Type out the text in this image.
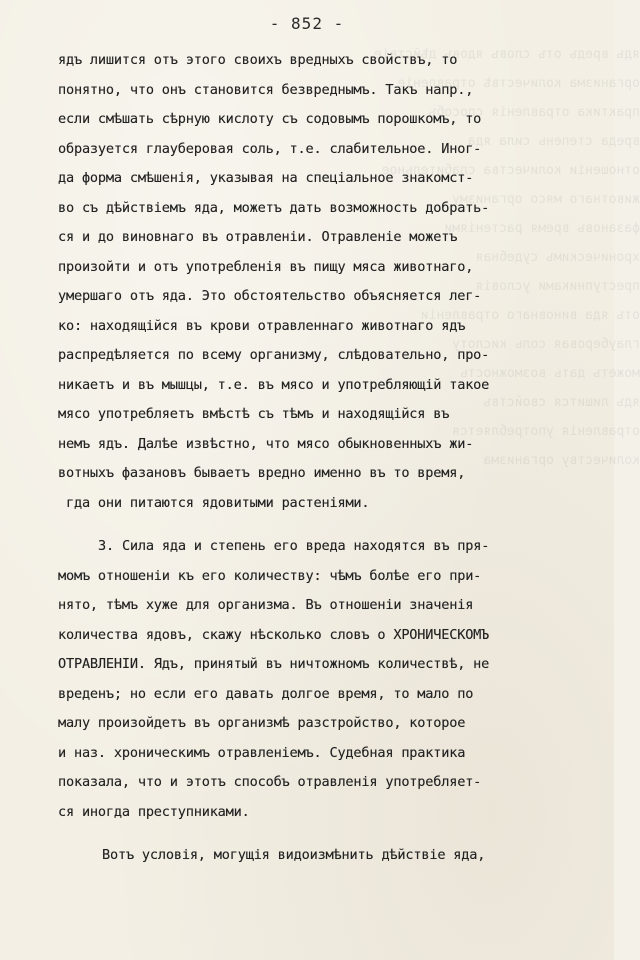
ядъ вредъ отъ словъ ядовъ дѣйствіе
организма количествѣ отравленіе
практика отравленія способъ
вреда степень сила яда
отношеніи количества слабительное
животнаго мясо организму
фазановъ время растеніями
хроническимъ судебная
преступниками условія
отъ яда виновнаго отравленіи
глауберовая соль кислоту
можетъ дать возможность
ядъ лишится свойствъ
отравленія употребляется
количеству организма
- 852 -
ядъ лишится отъ этого своихъ вредныхъ свойствъ, то
понятно, что онъ становится безвреднымъ. Такъ напр.,
если смѣшать сѣрную кислоту съ содовымъ порошкомъ, то
образуется глауберовая соль, т.е. слабительное. Иног-
да форма смѣшенія, указывая на спеціальное знакомст-
во съ дѣйствіемъ яда, можетъ дать возможность добрать-
ся и до виновнаго въ отравленіи. Отравленіе можетъ
произойти и отъ употребленія въ пищу мяса животнаго,
умершаго отъ яда. Это обстоятельство объясняется лег-
ко: находящійся въ крови отравленнаго животнаго ядъ
распредѣляется по всему организму, слѣдовательно, про-
никаетъ и въ мышцы, т.е. въ мясо и употребляющій такое
мясо употребляетъ вмѣстѣ съ тѣмъ и находящійся въ
немъ ядъ. Далѣе извѣстно, что мясо обыкновенныхъ жи-
вотныхъ фазановъ бываетъ вредно именно въ то время,
гда они питаются ядовитыми растеніями.
3. Сила яда и степень его вреда находятся въ пря-
момъ отношеніи къ его количеству: чѣмъ болѣе его при-
нято, тѣмъ хуже для организма. Въ отношеніи значенія
количества ядовъ, скажу нѣсколько словъ о ХРОНИЧЕСКОМЪ
ОТРАВЛЕНІИ. Ядъ, принятый въ ничтожномъ количествѣ, не
вреденъ; но если его давать долгое время, то мало по
малу произойдетъ въ организмѣ разстройство, которое
и наз. хроническимъ отравленіемъ. Судебная практика
показала, что и этотъ способъ отравленія употребляет-
ся иногда преступниками.
Вотъ условія, могущія видоизмѣнить дѣйствіе яда,
